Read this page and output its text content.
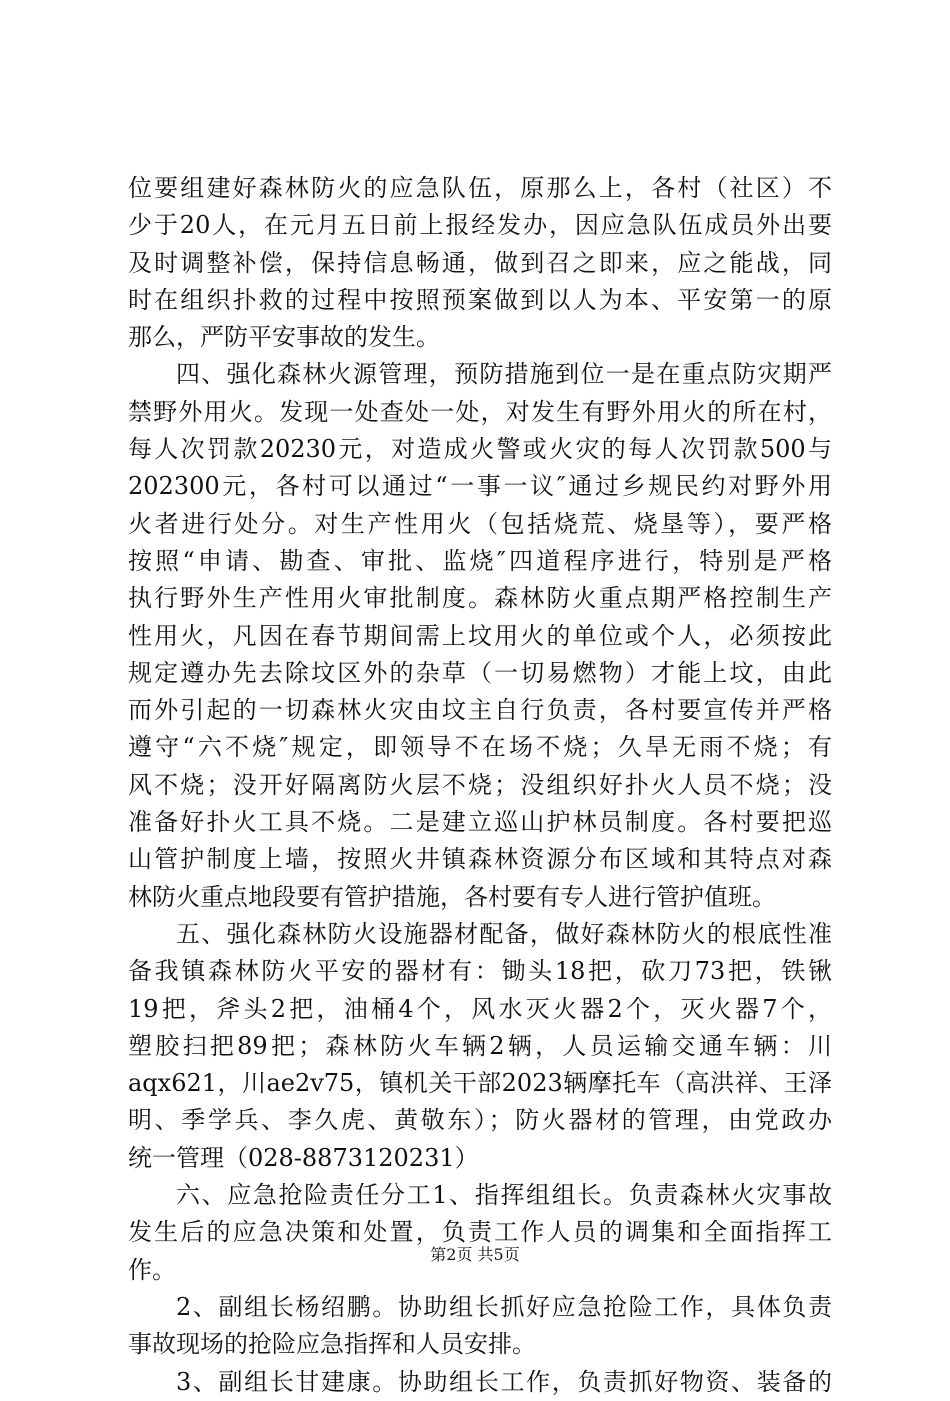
位要组建好森林防火的应急队伍，原那么上，各村（社区）不
少于20人，在元月五日前上报经发办，因应急队伍成员外出要
及时调整补偿，保持信息畅通，做到召之即来，应之能战，同
时在组织扑救的过程中按照预案做到以人为本、平安第一的原
那么，严防平安事故的发生。
四、强化森林火源管理，预防措施到位一是在重点防灾期严
禁野外用火。发现一处查处一处，对发生有野外用火的所在村，
每人次罚款20230元，对造成火警或火灾的每人次罚款500与
202300元，各村可以通过“一事一议″通过乡规民约对野外用
火者进行处分。对生产性用火（包括烧荒、烧垦等），要严格
按照“申请、勘查、审批、监烧″四道程序进行，特别是严格
执行野外生产性用火审批制度。森林防火重点期严格控制生产
性用火，凡因在春节期间需上坟用火的单位或个人，必须按此
规定遵办先去除坟区外的杂草（一切易燃物）才能上坟，由此
而外引起的一切森林火灾由坟主自行负责，各村要宣传并严格
遵守“六不烧″规定，即领导不在场不烧；久旱无雨不烧；有
风不烧；没开好隔离防火层不烧；没组织好扑火人员不烧；没
准备好扑火工具不烧。二是建立巡山护林员制度。各村要把巡
山管护制度上墙，按照火井镇森林资源分布区域和其特点对森
林防火重点地段要有管护措施，各村要有专人进行管护值班。
五、强化森林防火设施器材配备，做好森林防火的根底性准
备我镇森林防火平安的器材有：锄头18把，砍刀73把，铁锹
19把，斧头2把，油桶4个，风水灭火器2个，灭火器7个，
塑胶扫把89把；森林防火车辆2辆，人员运输交通车辆：川
aqx621，川ae2v75，镇机关干部2023辆摩托车（高洪祥、王泽
明、季学兵、李久虎、黄敬东）；防火器材的管理，由党政办
统一管理（028-8873120231）
六、应急抢险责任分工1、指挥组组长。负责森林火灾事故
发生后的应急决策和处置，负责工作人员的调集和全面指挥工
作。
2、副组长杨绍鹏。协助组长抓好应急抢险工作，具体负责
事故现场的抢险应急指挥和人员安排。
3、副组长甘建康。协助组长工作，负责抓好物资、装备的
第2页 共5页
